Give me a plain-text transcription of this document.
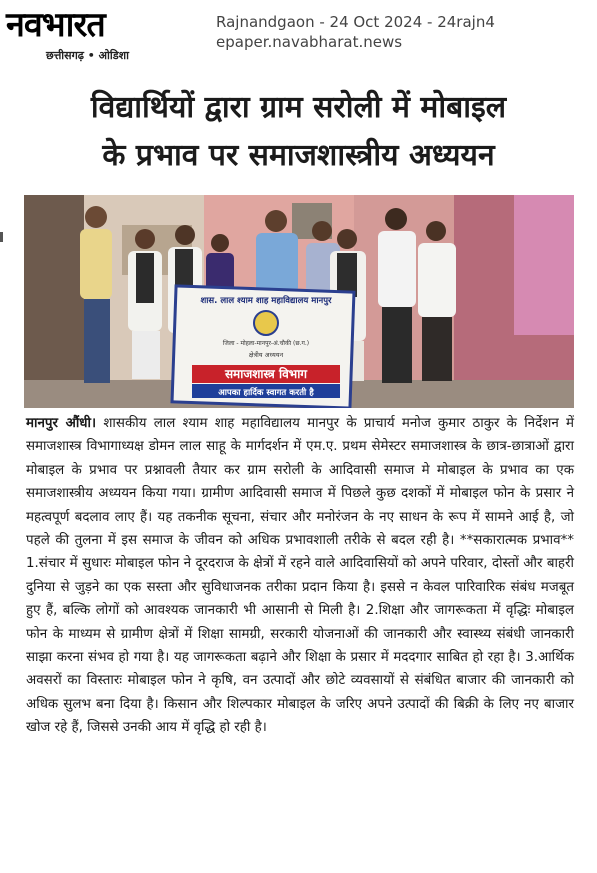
नवभारत
छत्तीसगढ़ • ओडिशा
Rajnandgaon - 24 Oct 2024 - 24rajn4
epaper.navabharat.news
विद्यार्थियों द्वारा ग्राम सरोली में मोबाइल
के प्रभाव पर समाजशास्त्रीय अध्ययन
शास. लाल श्याम शाह महाविद्यालय मानपुर
जिला - मोहला-मानपुर-अं.चौकी (छ.ग.)
क्षेत्रीय अध्ययन
समाजशास्त्र विभाग
आपका हार्दिक स्वागत करती है
मानपुर औंधी। शासकीय लाल श्याम शाह महाविद्यालय मानपुर के प्राचार्य मनोज कुमार ठाकुर के निर्देशन में समाजशास्त्र विभागाध्यक्ष डोमन लाल साहू के मार्गदर्शन में एम.ए. प्रथम सेमेस्टर समाजशास्त्र के छात्र-छात्राओं द्वारा मोबाइल के प्रभाव पर प्रश्नावली तैयार कर ग्राम सरोली के आदिवासी समाज मे मोबाइल के प्रभाव का एक समाजशास्त्रीय अध्ययन किया गया। ग्रामीण आदिवासी समाज में पिछले कुछ दशकों में मोबाइल फोन के प्रसार ने महत्वपूर्ण बदलाव लाए हैं। यह तकनीक सूचना, संचार और मनोरंजन के नए साधन के रूप में सामने आई है, जो पहले की तुलना में इस समाज के जीवन को अधिक प्रभावशाली तरीके से बदल रही है। **सकारात्मक प्रभाव** 1.संचार में सुधारः मोबाइल फोन ने दूरदराज के क्षेत्रों में रहने वाले आदिवासियों को अपने परिवार, दोस्तों और बाहरी दुनिया से जुड़ने का एक सस्ता और सुविधाजनक तरीका प्रदान किया है। इससे न केवल पारिवारिक संबंध मजबूत हुए हैं, बल्कि लोगों को आवश्यक जानकारी भी आसानी से मिली है। 2.शिक्षा और जागरूकता में वृद्धिः मोबाइल फोन के माध्यम से ग्रामीण क्षेत्रों में शिक्षा सामग्री, सरकारी योजनाओं की जानकारी और स्वास्थ्य संबंधी जानकारी साझा करना संभव हो गया है। यह जागरूकता बढ़ाने और शिक्षा के प्रसार में मददगार साबित हो रहा है। 3.आर्थिक अवसरों का विस्तारः मोबाइल फोन ने कृषि, वन उत्पादों और छोटे व्यवसायों से संबंधित बाजार की जानकारी को अधिक सुलभ बना दिया है। किसान और शिल्पकार मोबाइल के जरिए अपने उत्पादों की बिक्री के लिए नए बाजार खोज रहे हैं, जिससे उनकी आय में वृद्धि हो रही है।
